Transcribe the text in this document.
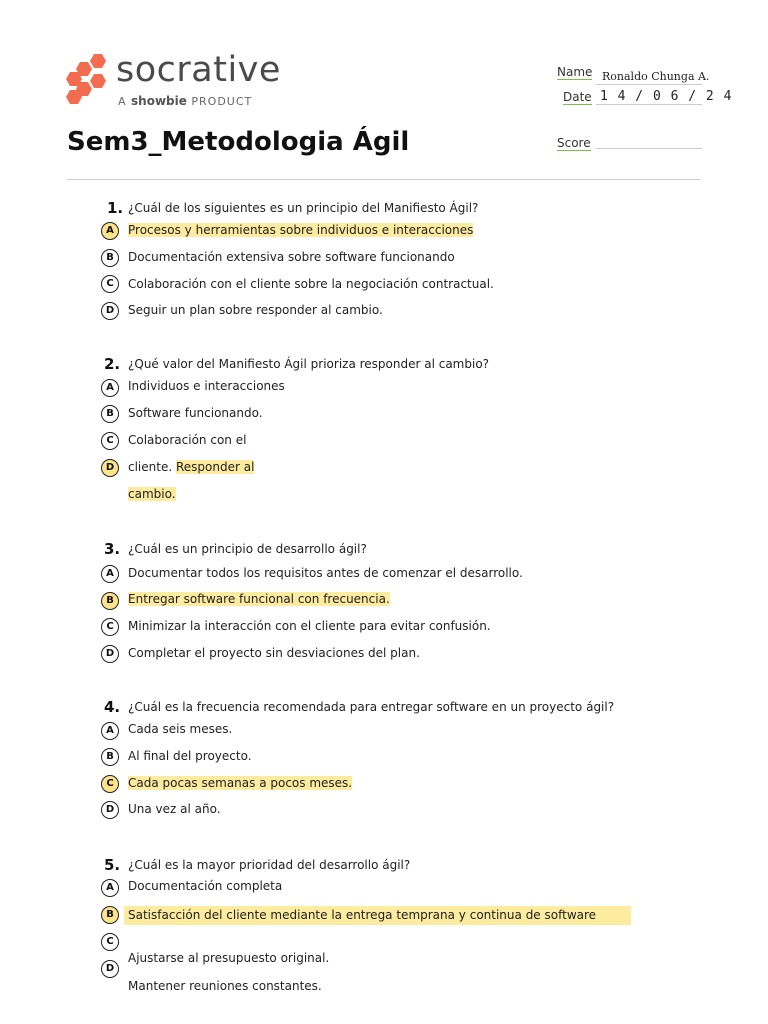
socrative
A showbie PRODUCT
Name Ronaldo Chunga A.
Date 1 4 / 0 6 / 2 4
Sem3_Metodologia Ágil	Score
1. ¿Cuál de los siguientes es un principio del Manifiesto Ágil?
A	Procesos y herramientas sobre individuos e interacciones
B	Documentación extensiva sobre software funcionando
C	Colaboración con el cliente sobre la negociación contractual.
D	Seguir un plan sobre responder al cambio.
2. ¿Qué valor del Manifiesto Ágil prioriza responder al cambio?
A	Individuos e interacciones
B	Software funcionando.
C	Colaboración con el
D	cliente. Responder al
cambio.
3. ¿Cuál es un principio de desarrollo ágil?
A	Documentar todos los requisitos antes de comenzar el desarrollo.
B	Entregar software funcional con frecuencia.
C	Minimizar la interacción con el cliente para evitar confusión.
D	Completar el proyecto sin desviaciones del plan.
4. ¿Cuál es la frecuencia recomendada para entregar software en un proyecto ágil?
A	Cada seis meses.
B	Al final del proyecto.
C	Cada pocas semanas a pocos meses.
D	Una vez al año.
5. ¿Cuál es la mayor prioridad del desarrollo ágil?
A	Documentación completa
B	Satisfacción del cliente mediante la entrega temprana y continua de software
C
D
Ajustarse al presupuesto original.
Mantener reuniones constantes.
